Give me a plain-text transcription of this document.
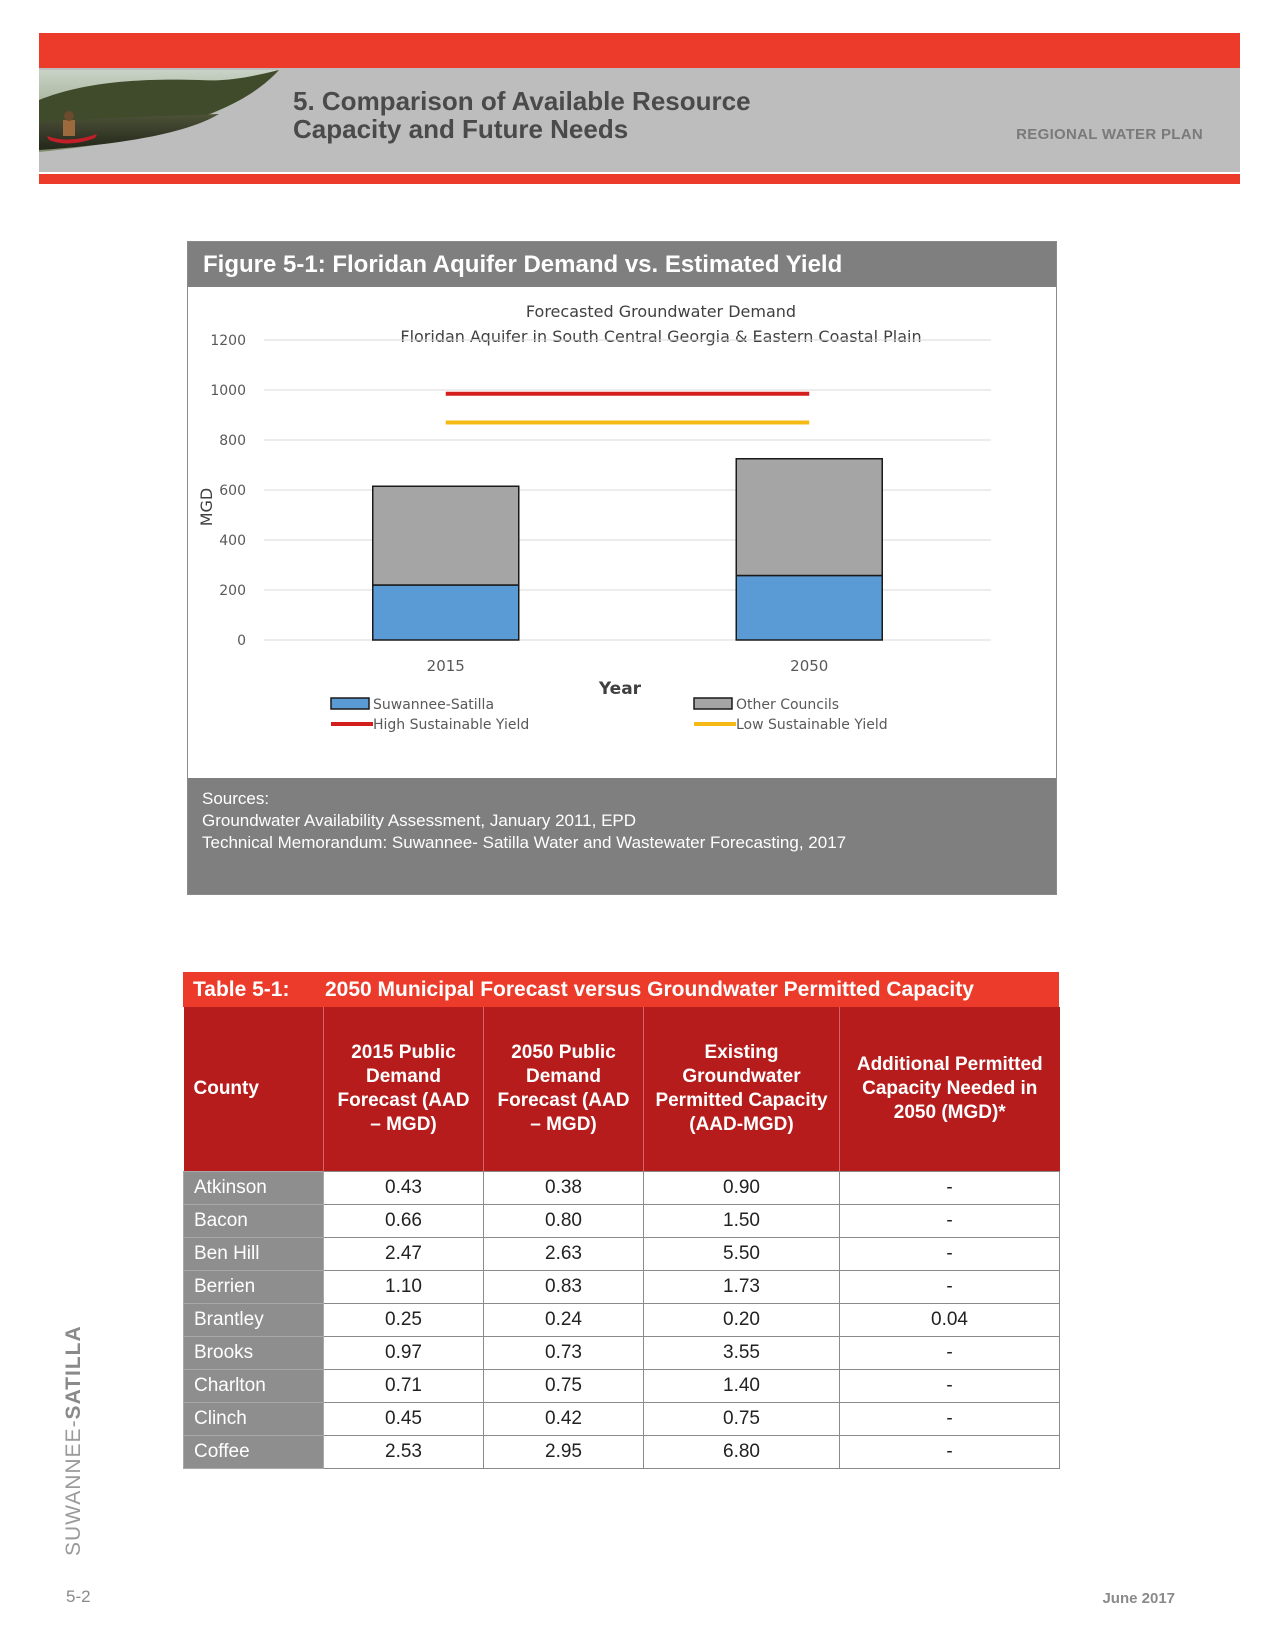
5. Comparison of Available Resource
Capacity and Future Needs	REGIONAL WATER PLAN
Figure 5-1: Floridan Aquifer Demand vs. Estimated Yield
Forecasted Groundwater Demand
Floridan Aquifer in South Central Georgia & Eastern Coastal Plain
0
200
400
600
800
1000
1200
2015	2050
MGD
Year
Suwannee-Satilla	Other Councils
High Sustainable Yield	Low Sustainable Yield
Sources:
Groundwater Availability Assessment, January 2011, EPD
Technical Memorandum: Suwannee- Satilla Water and Wastewater Forecasting, 2017
Table 5-1: 2050 Municipal Forecast versus Groundwater Permitted Capacity
County	2015 Public Demand Forecast (AAD – MGD)	2050 Public Demand Forecast (AAD – MGD)	Existing Groundwater Permitted Capacity (AAD-MGD)	Additional Permitted Capacity Needed in 2050 (MGD)*
Atkinson	0.43	0.38	0.90	-
Bacon	0.66	0.80	1.50	-
Ben Hill	2.47	2.63	5.50	-
Berrien	1.10	0.83	1.73	-
Brantley	0.25	0.24	0.20	0.04
Brooks	0.97	0.73	3.55	-
Charlton	0.71	0.75	1.40	-
Clinch	0.45	0.42	0.75	-
Coffee	2.53	2.95	6.80	-
SUWANNEE-SATILLA
5-2	June 2017
